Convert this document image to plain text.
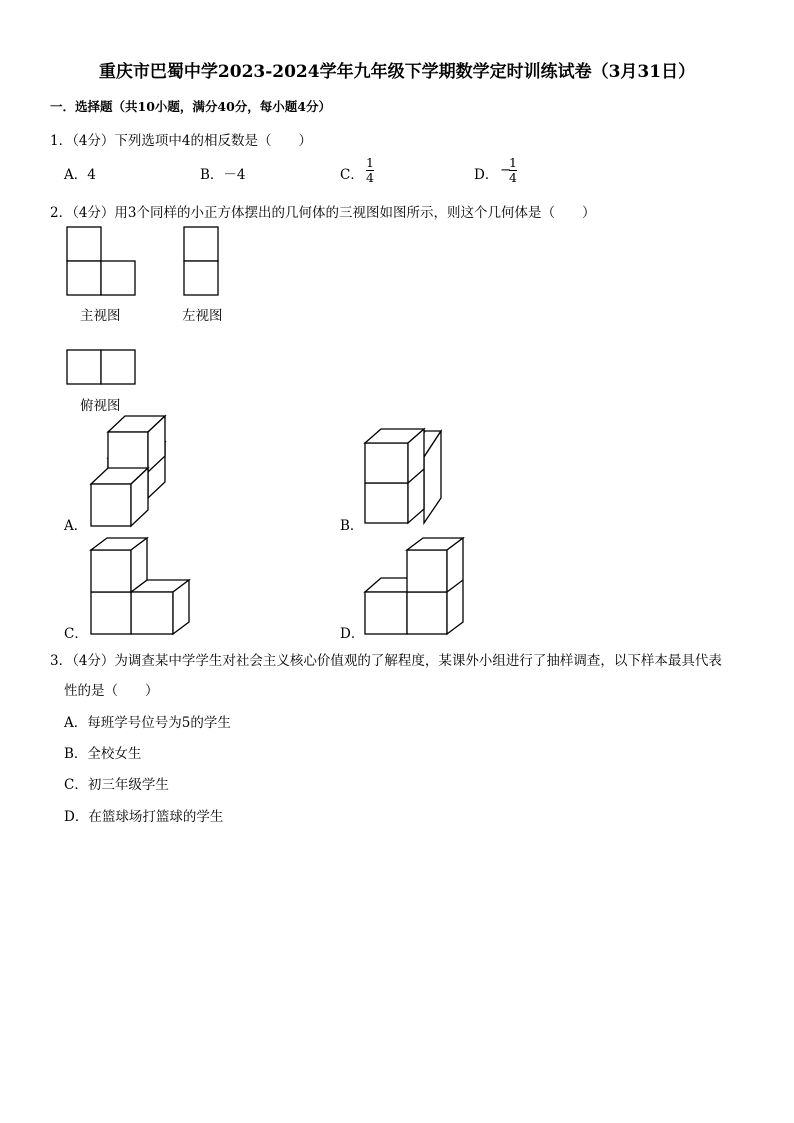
重庆市巴蜀中学2023-2024学年九年级下学期数学定时训练试卷（3月31日）
一．选择题（共10小题，满分40分，每小题4分）
1．（4分）下列选项中4的相反数是（　　）
A．4	B．－4	C． $\frac{1}{4}$	D． −
$\frac{1}{4}$
2．（4分）用3个同样的小正方体摆出的几何体的三视图如图所示，则这个几何体是（　　）
主视图	左视图
俯视图
A．	B．
C．	D．
3．（4分）为调查某中学学生对社会主义核心价值观的了解程度，某课外小组进行了抽样调查，以下样本最具代表
性的是（　　）
A．每班学号位号为5的学生
B．全校女生
C．初三年级学生
D．在篮球场打篮球的学生
